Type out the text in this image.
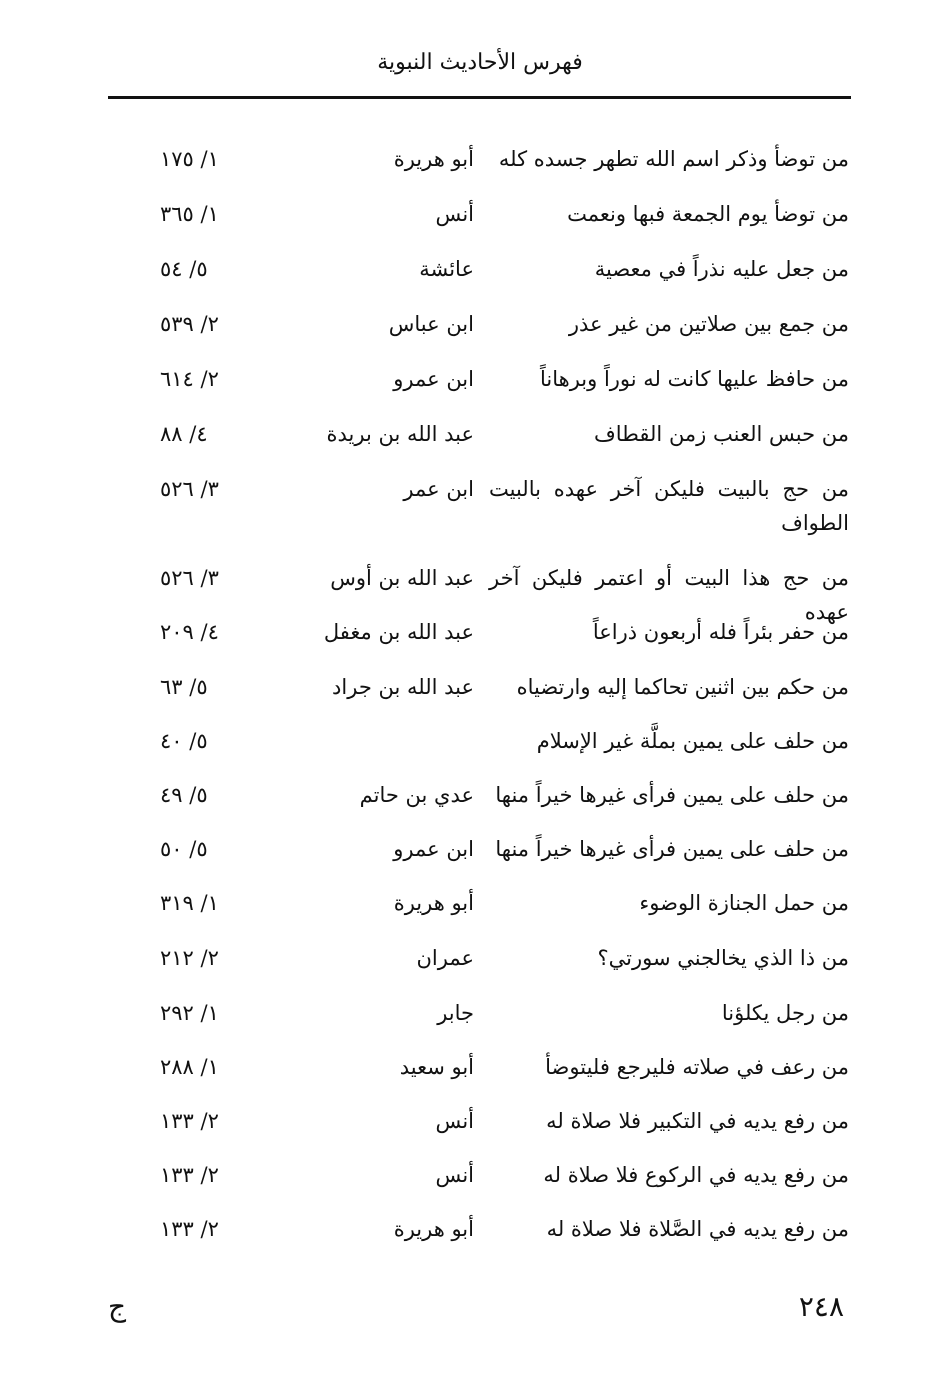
فهرس الأحاديث النبوية
من توضأ وذكر اسم الله تطهر جسده كله
أبو هريرة
١/ ١٧٥
من توضأ يوم الجمعة فبها ونعمت
أنس
١/ ٣٦٥
من جعل عليه نذراً في معصية
عائشة
٥/ ٥٤
من جمع بين صلاتين من غير عذر
ابن عباس
٢/ ٥٣٩
من حافظ عليها كانت له نوراً وبرهاناً
ابن عمرو
٢/ ٦١٤
من حبس العنب زمن القطاف
عبد الله بن بريدة
٤/ ٨٨
من حج بالبيت فليكن آخر عهده بالبيت الطواف
ابن عمر
٣/ ٥٢٦
من حج هذا البيت أو اعتمر فليكن آخر عهده
عبد الله بن أوس
٣/ ٥٢٦
من حفر بئراً فله أربعون ذراعاً
عبد الله بن مغفل
٤/ ٢٠٩
من حكم بين اثنين تحاكما إليه وارتضياه
عبد الله بن جراد
٥/ ٦٣
من حلف على يمين بملَّة غير الإسلام
٥/ ٤٠
من حلف على يمين فرأى غيرها خيراً منها
عدي بن حاتم
٥/ ٤٩
من حلف على يمين فرأى غيرها خيراً منها
ابن عمرو
٥/ ٥٠
من حمل الجنازة الوضوء
أبو هريرة
١/ ٣١٩
من ذا الذي يخالجني سورتي؟
عمران
٢/ ٢١٢
من رجل يكلؤنا
جابر
١/ ٢٩٢
من رعف في صلاته فليرجع فليتوضأ
أبو سعيد
١/ ٢٨٨
من رفع يديه في التكبير فلا صلاة له
أنس
٢/ ١٣٣
من رفع يديه في الركوع فلا صلاة له
أنس
٢/ ١٣٣
من رفع يديه في الصَّلاة فلا صلاة له
أبو هريرة
٢/ ١٣٣
٢٤٨
ج
